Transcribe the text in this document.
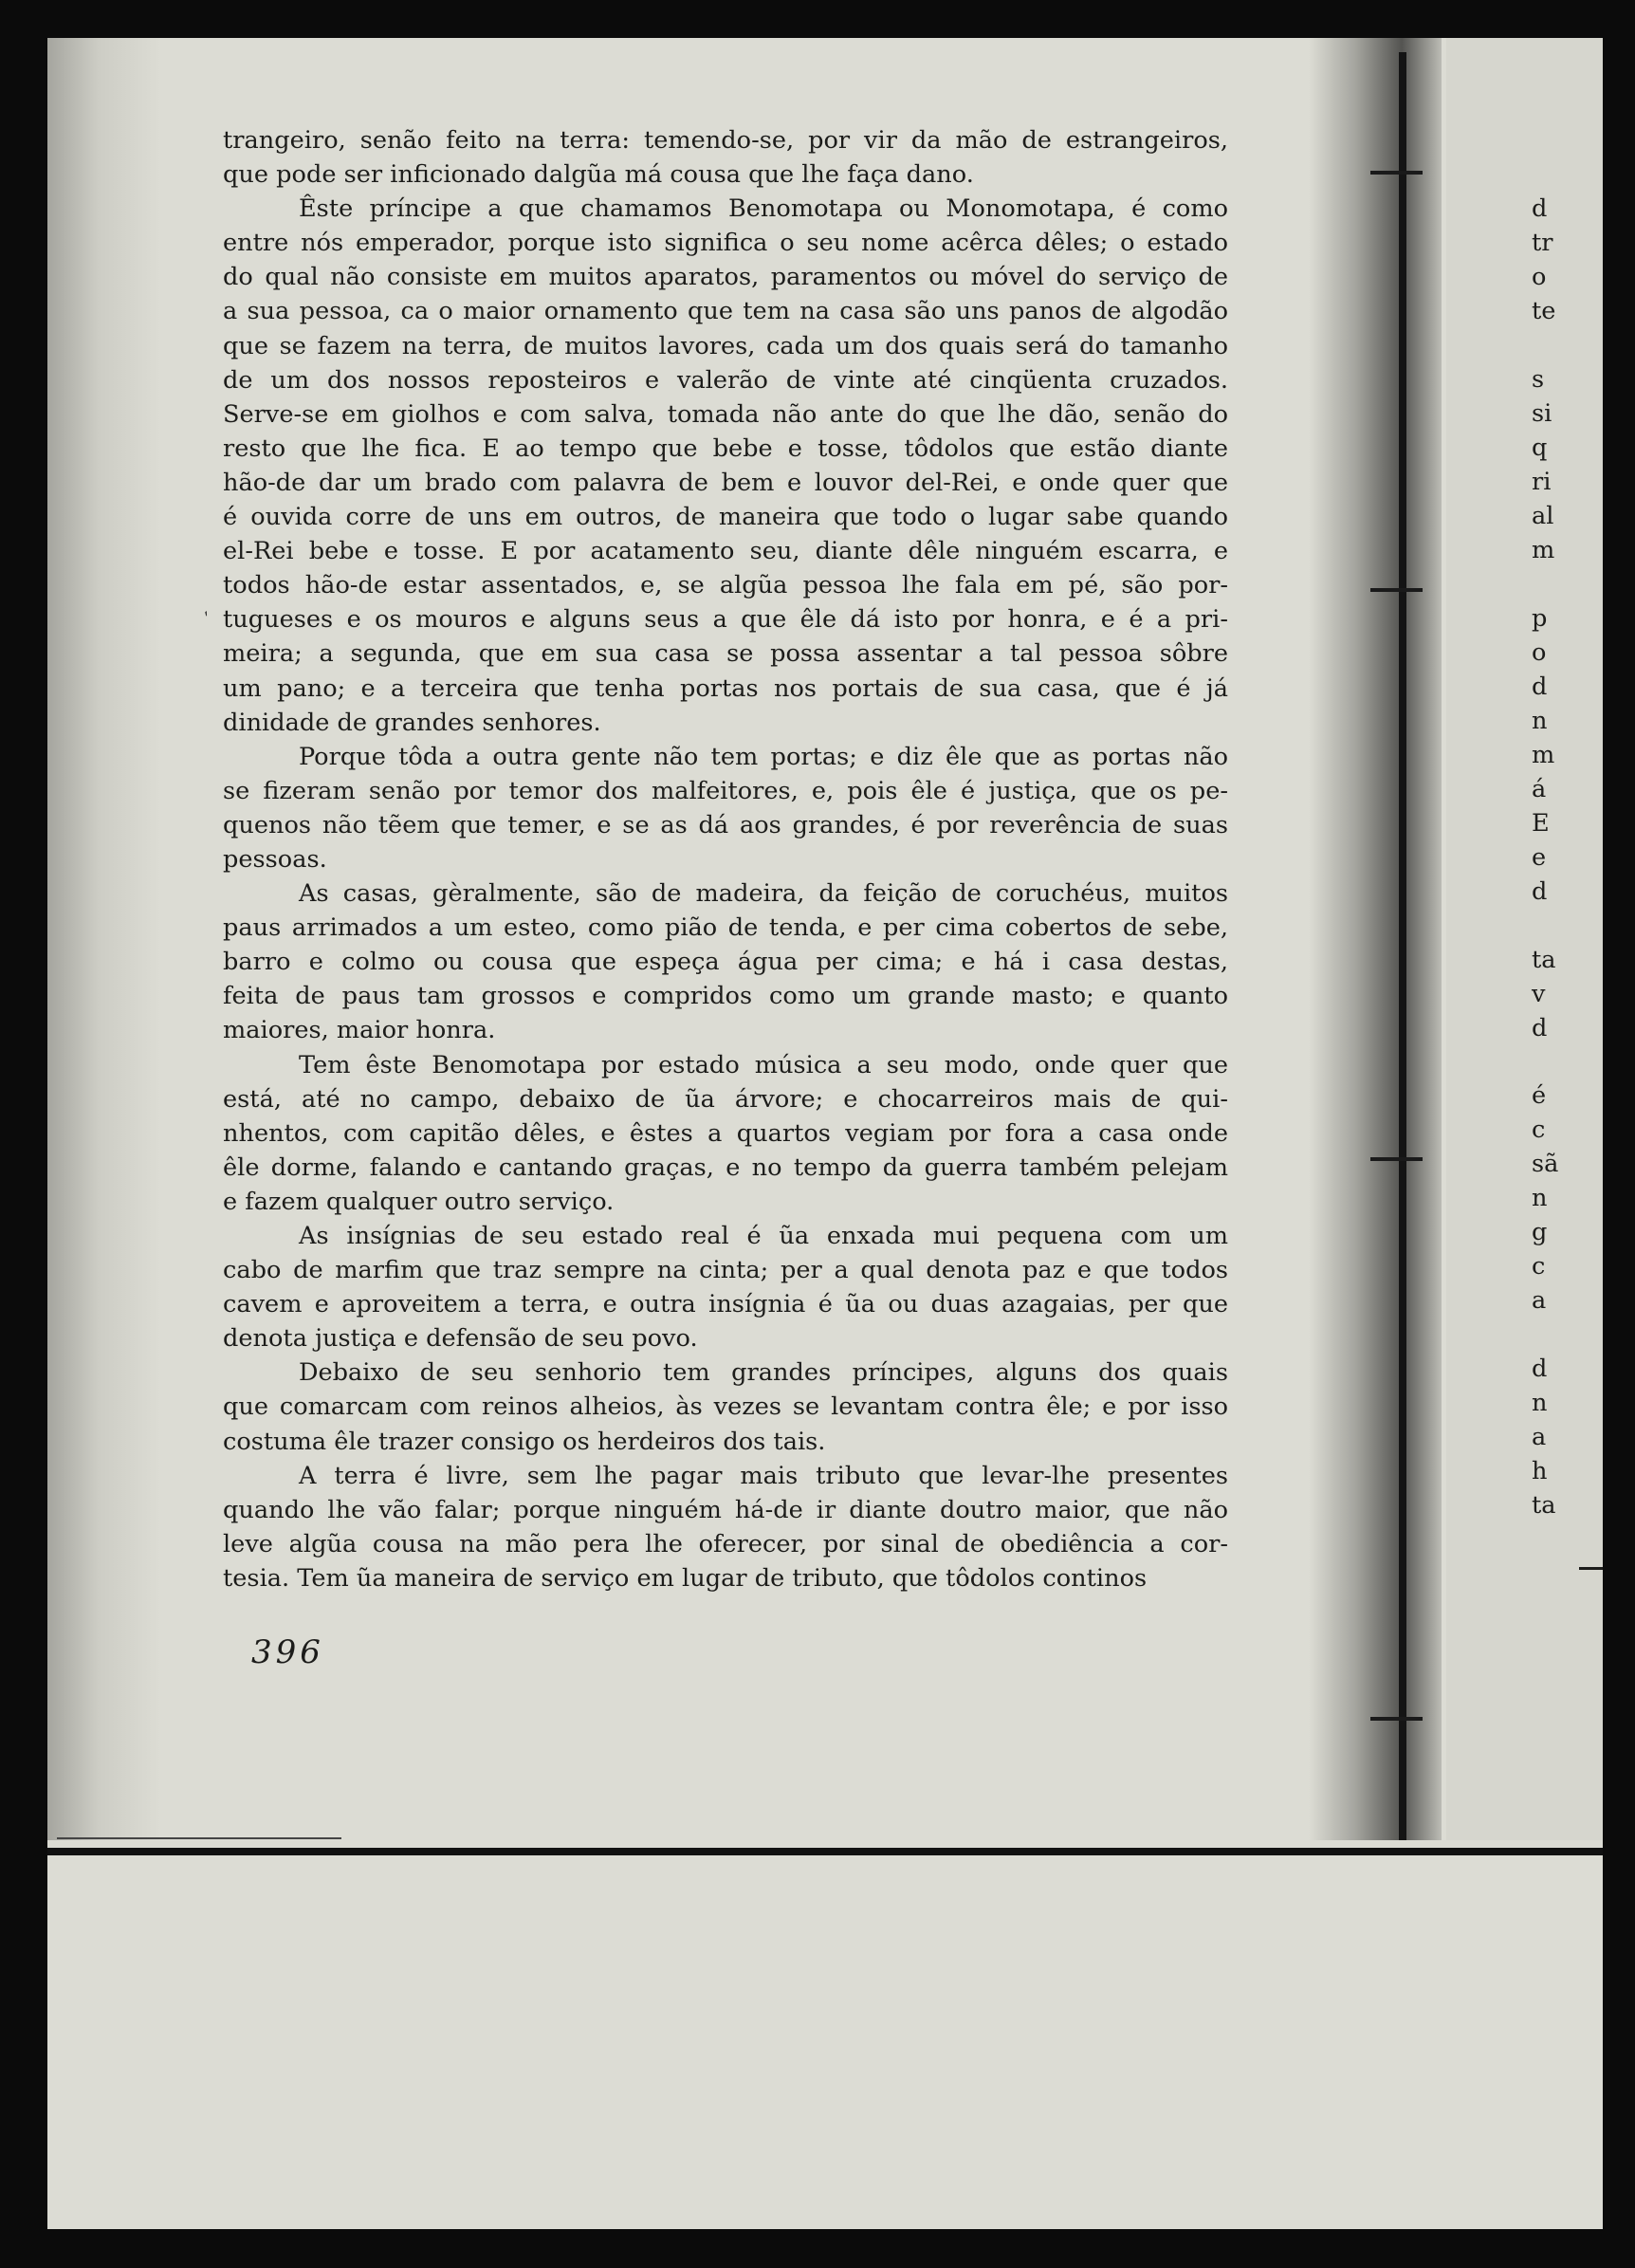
′
trangeiro, senão feito na terra: temendo-se, por vir da mão de estrangeiros,
que pode ser inficionado dalgũa má cousa que lhe faça dano.
Êste príncipe a que chamamos Benomotapa ou Monomotapa, é como
entre nós emperador, porque isto significa o seu nome acêrca dêles; o estado
do qual não consiste em muitos aparatos, paramentos ou móvel do serviço de
a sua pessoa, ca o maior ornamento que tem na casa são uns panos de algodão
que se fazem na terra, de muitos lavores, cada um dos quais será do tamanho
de um dos nossos reposteiros e valerão de vinte até cinqüenta cruzados.
Serve-se em giolhos e com salva, tomada não ante do que lhe dão, senão do
resto que lhe fica. E ao tempo que bebe e tosse, tôdolos que estão diante
hão-de dar um brado com palavra de bem e louvor del-Rei, e onde quer que
é ouvida corre de uns em outros, de maneira que todo o lugar sabe quando
el-Rei bebe e tosse. E por acatamento seu, diante dêle ninguém escarra, e
todos hão-de estar assentados, e, se algũa pessoa lhe fala em pé, são por-
tugueses e os mouros e alguns seus a que êle dá isto por honra, e é a pri-
meira; a segunda, que em sua casa se possa assentar a tal pessoa sôbre
um pano; e a terceira que tenha portas nos portais de sua casa, que é já
dinidade de grandes senhores.
Porque tôda a outra gente não tem portas; e diz êle que as portas não
se fizeram senão por temor dos malfeitores, e, pois êle é justiça, que os pe-
quenos não tẽem que temer, e se as dá aos grandes, é por reverência de suas
pessoas.
As casas, gèralmente, são de madeira, da feição de coruchéus, muitos
paus arrimados a um esteo, como pião de tenda, e per cima cobertos de sebe,
barro e colmo ou cousa que espeça água per cima; e há i casa destas,
feita de paus tam grossos e compridos como um grande masto; e quanto
maiores, maior honra.
Tem êste Benomotapa por estado música a seu modo, onde quer que
está, até no campo, debaixo de ũa árvore; e chocarreiros mais de qui-
nhentos, com capitão dêles, e êstes a quartos vegiam por fora a casa onde
êle dorme, falando e cantando graças, e no tempo da guerra também pelejam
e fazem qualquer outro serviço.
As insígnias de seu estado real é ũa enxada mui pequena com um
cabo de marfim que traz sempre na cinta; per a qual denota paz e que todos
cavem e aproveitem a terra, e outra insígnia é ũa ou duas azagaias, per que
denota justiça e defensão de seu povo.
Debaixo de seu senhorio tem grandes príncipes, alguns dos quais
que comarcam com reinos alheios, às vezes se levantam contra êle; e por isso
costuma êle trazer consigo os herdeiros dos tais.
A terra é livre, sem lhe pagar mais tributo que levar-lhe presentes
quando lhe vão falar; porque ninguém há-de ir diante doutro maior, que não
leve algũa cousa na mão pera lhe oferecer, por sinal de obediência a cor-
tesia. Tem ũa maneira de serviço em lugar de tributo, que tôdolos continos
396
d
tr
o
te
s
si
q
ri
al
m
p
o
d
n
m
á
E
e
d
ta
v
d
é
c
sã
n
g
c
a
d
n
a
h
ta
